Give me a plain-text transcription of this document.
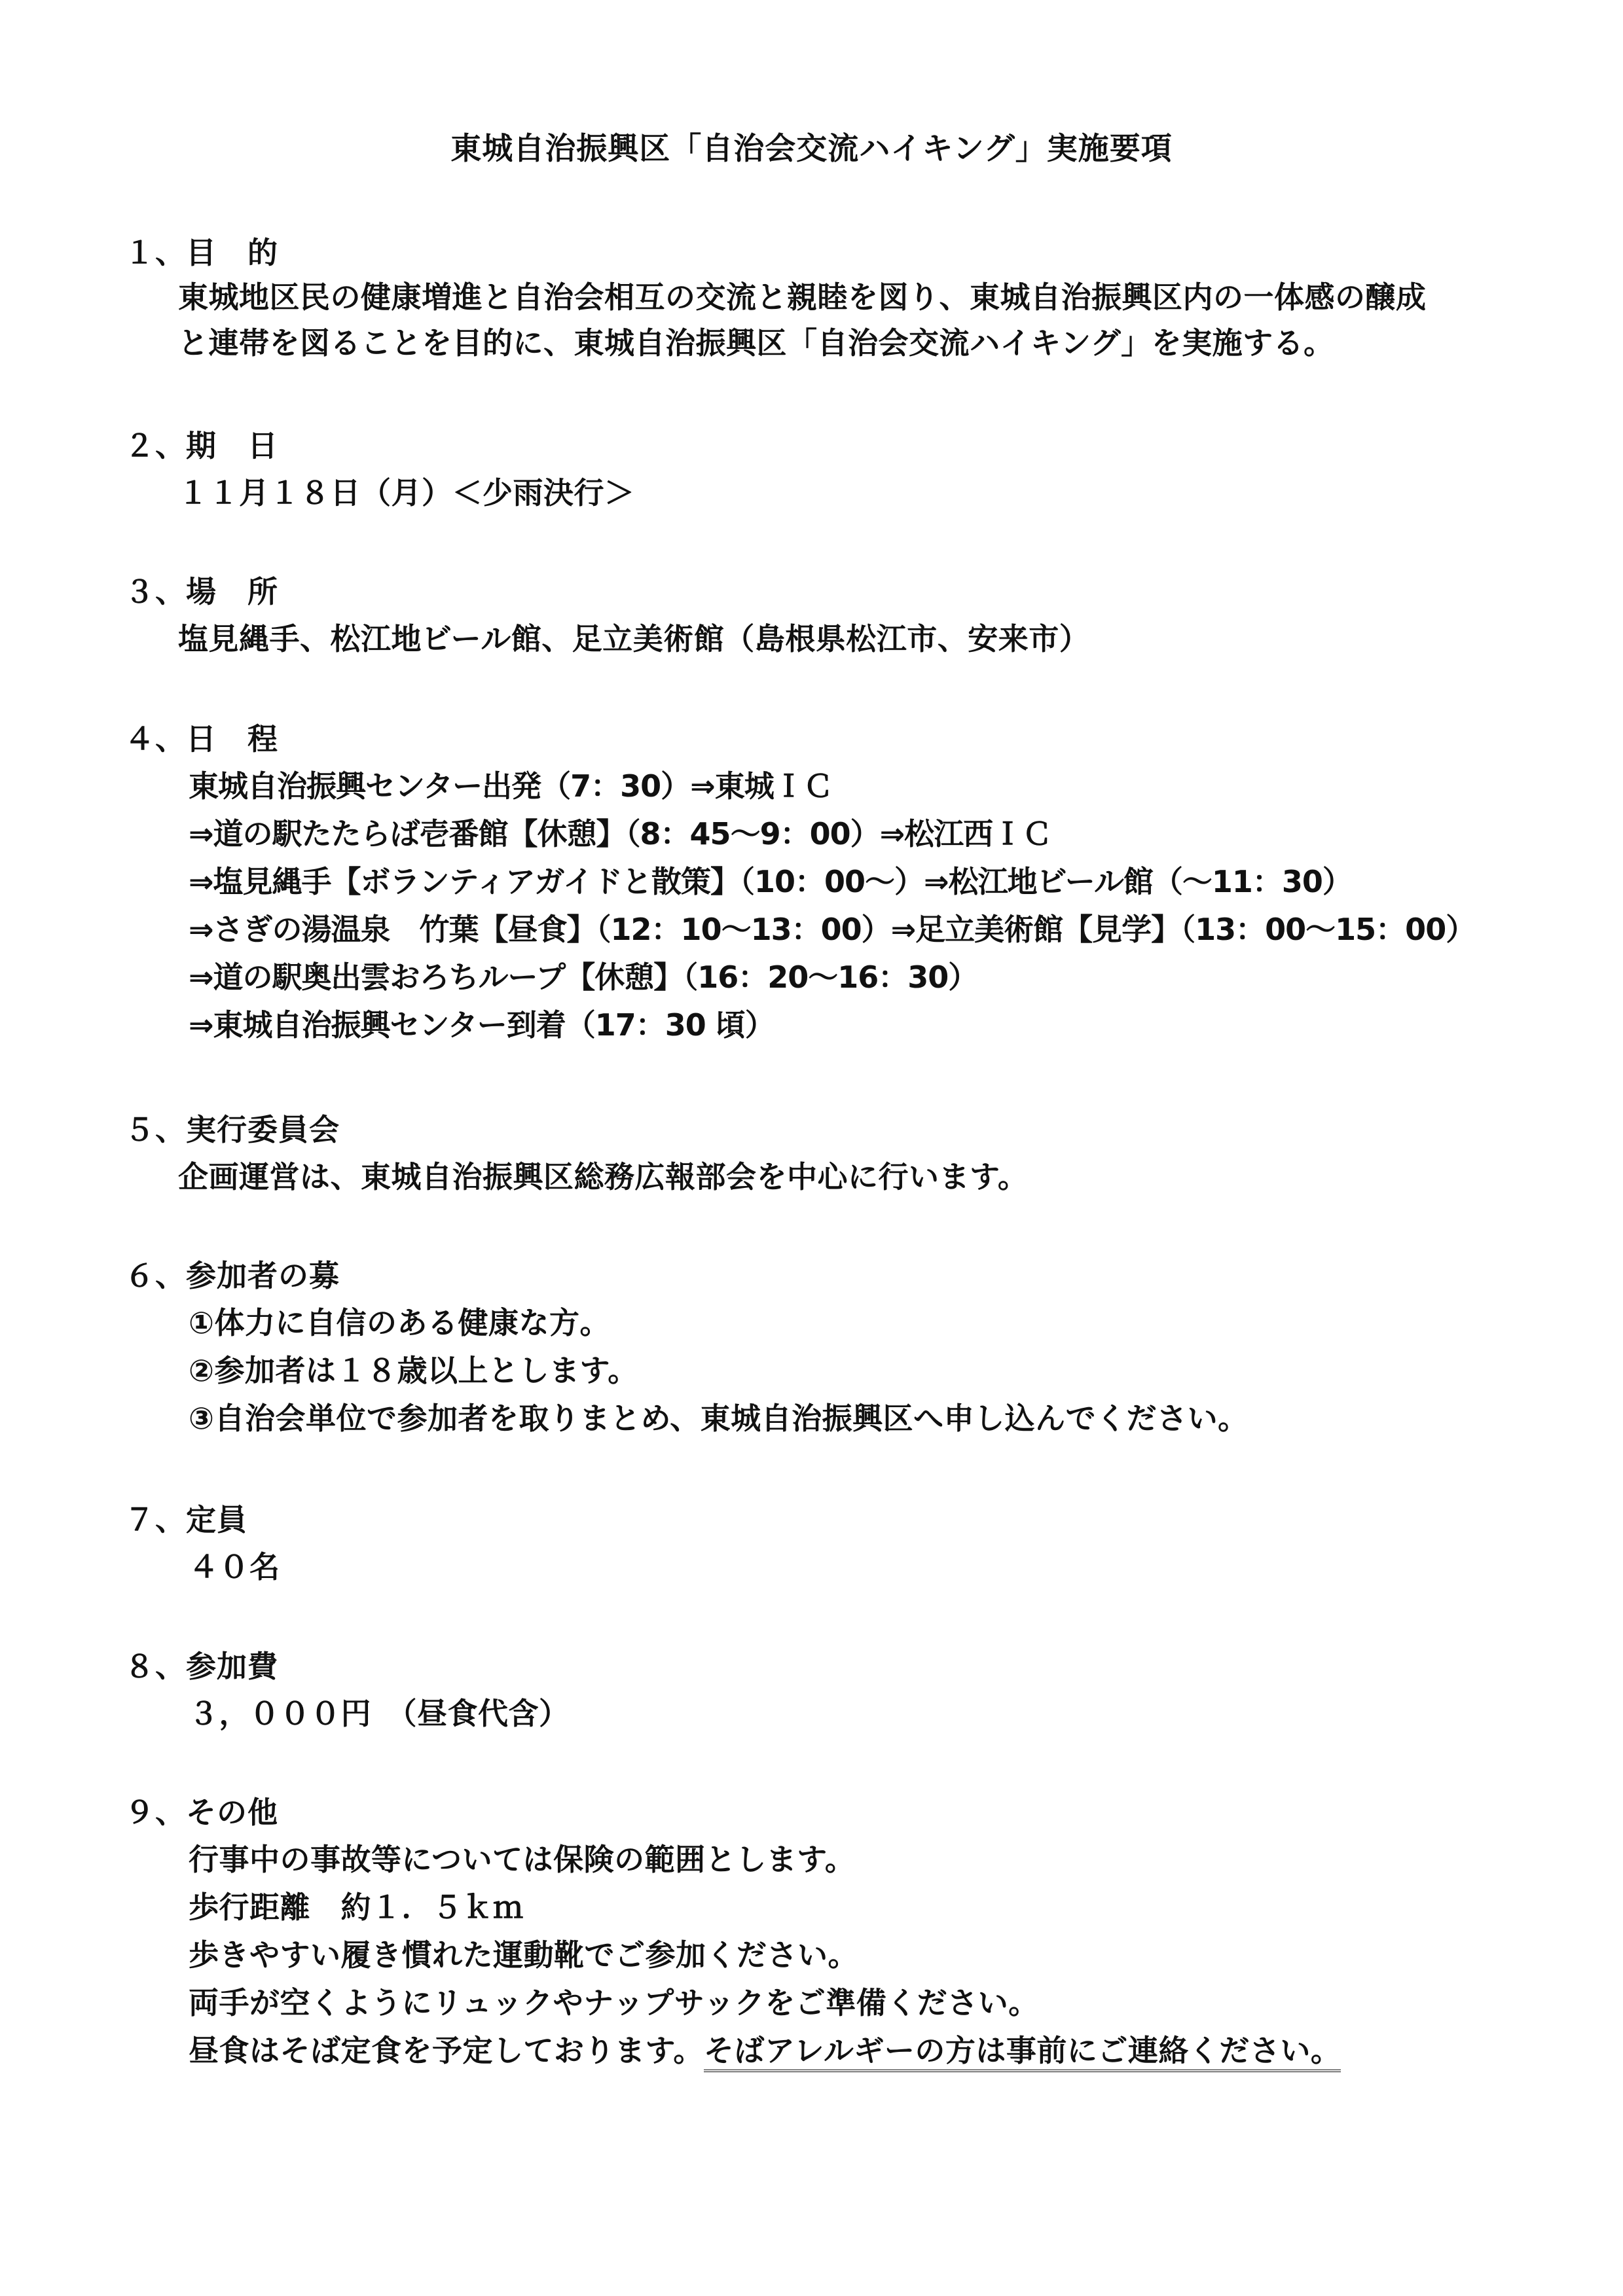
東城自治振興区「自治会交流ハイキング」実施要項
１、目　的
東城地区民の健康増進と自治会相互の交流と親睦を図り、東城自治振興区内の一体感の醸成
と連帯を図ることを目的に、東城自治振興区「自治会交流ハイキング」を実施する。
２、期　日
１１月１８日（月）＜少雨決行＞
３、場　所
塩見縄手、松江地ビール館、足立美術館（島根県松江市、安来市）
４、日　程
東城自治振興センター出発（7：30）⇒東城ＩＣ
⇒道の駅たたらば壱番館【休憩】（8：45～9：00）⇒松江西ＩＣ
⇒塩見縄手【ボランティアガイドと散策】（10：00～）⇒松江地ビール館（～11：30）
⇒さぎの湯温泉　竹葉【昼食】（12：10～13：00）⇒足立美術館【見学】（13：00～15：00）
⇒道の駅奥出雲おろちループ【休憩】（16：20～16：30）
⇒東城自治振興センター到着（17：30 頃）
５、実行委員会
企画運営は、東城自治振興区総務広報部会を中心に行います。
６、参加者の募
①体力に自信のある健康な方。
②参加者は１８歳以上とします。
③自治会単位で参加者を取りまとめ、東城自治振興区へ申し込んでください。
７、定員
４０名
８、参加費
３，０００円　（昼食代含）
９、その他
行事中の事故等については保険の範囲とします。
歩行距離　約１．５ｋｍ
歩きやすい履き慣れた運動靴でご参加ください。
両手が空くようにリュックやナップサックをご準備ください。
昼食はそば定食を予定しております。そばアレルギーの方は事前にご連絡ください。
